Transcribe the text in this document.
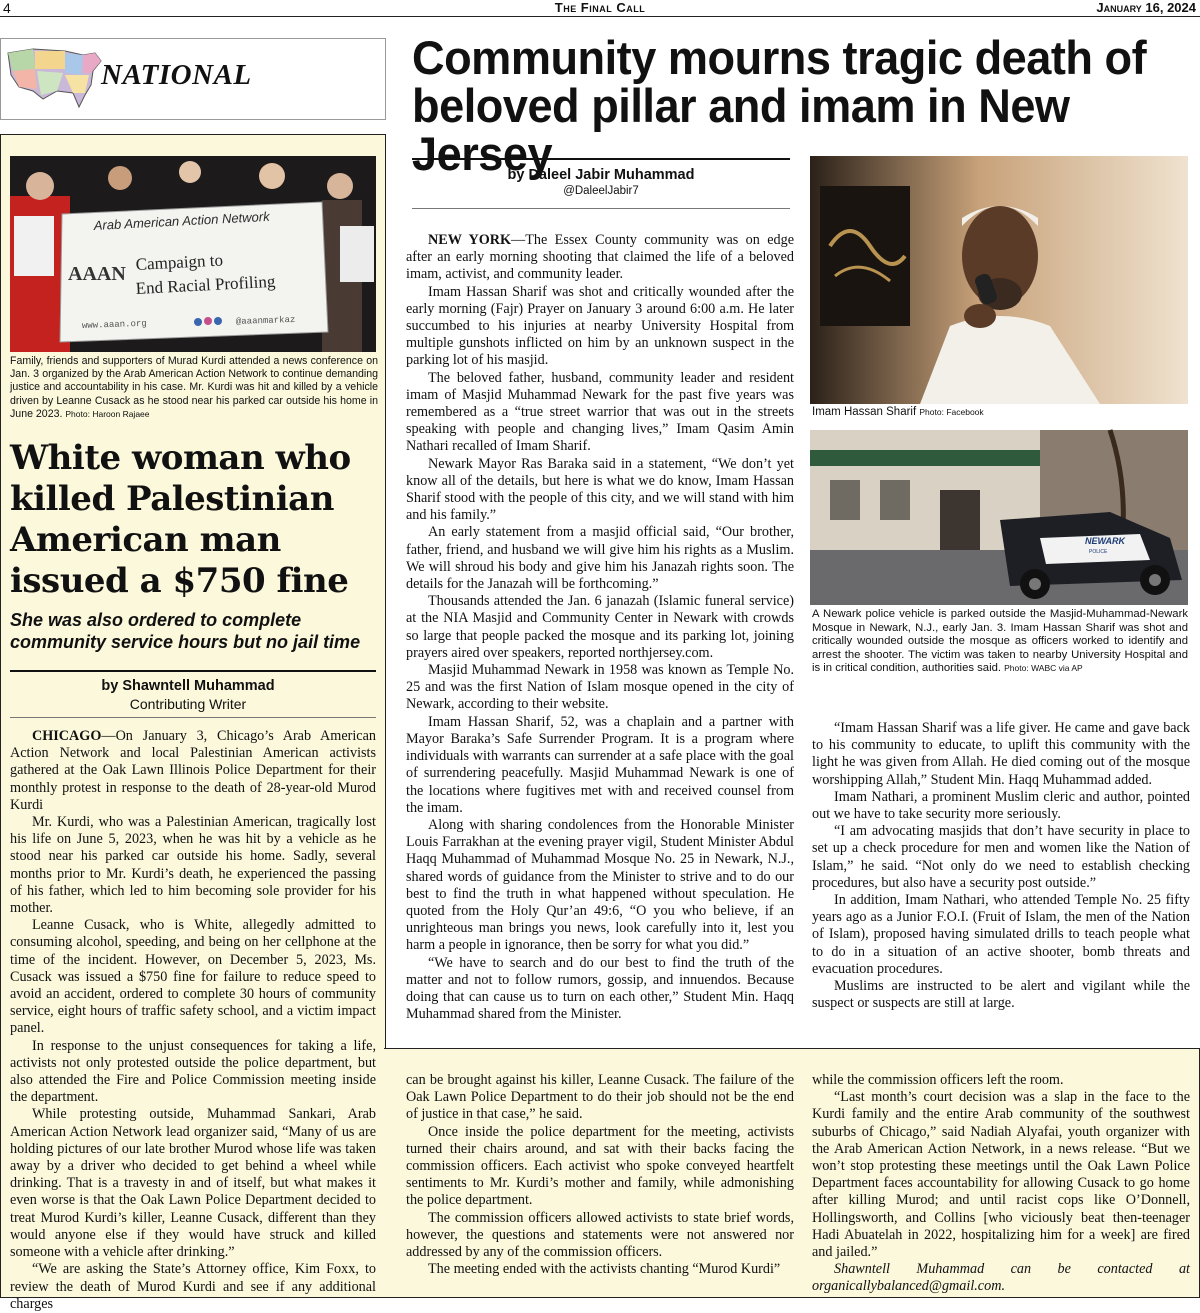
4	The Final Call	January 16, 2024
NATIONAL	Community mourns tragic death of
beloved pillar and imam in New Jersey
by Daleel Jabir Muhammad
@DaleelJabir7

NEW YORK—The Essex County community was on edge after an early morning shooting that claimed the life of a beloved imam, activist, and community leader.

Imam Hassan Sharif was shot and critically wounded after the early morning (Fajr) Prayer on January 3 around 6:00 a.m. He later succumbed to his injuries at nearby University Hospital from multiple gunshots inflicted on him by an unknown suspect in the parking lot of his masjid.

The beloved father, husband, community leader and resident imam of Masjid Muhammad Newark for the past five years was remembered as a “true street warrior that was out in the streets speaking with people and changing lives,” Imam Qasim Amin Nathari recalled of Imam Sharif.

Newark Mayor Ras Baraka said in a statement, “We don’t yet know all of the details, but here is what we do know, Imam Hassan Sharif stood with the people of this city, and we will stand with him and his family.”

An early statement from a masjid official said, “Our brother, father, friend, and husband we will give him his rights as a Muslim. We will shroud his body and give him his Janazah rights soon. The details for the Janazah will be forthcoming.”

Thousands attended the Jan. 6 janazah (Islamic funeral service) at the NIA Masjid and Community Center in Newark with crowds so large that people packed the mosque and its parking lot, joining prayers aired over speakers, reported northjersey.com.

Masjid Muhammad Newark in 1958 was known as Temple No. 25 and was the first Nation of Islam mosque opened in the city of Newark, according to their website.

Imam Hassan Sharif, 52, was a chaplain and a partner with Mayor Baraka’s Safe Surrender Program. It is a program where individuals with warrants can surrender at a safe place with the goal of surrendering peacefully. Masjid Muhammad Newark is one of the locations where fugitives met with and received counsel from the imam.

Along with sharing condolences from the Honorable Minister Louis Farrakhan at the evening prayer vigil, Student Minister Abdul Haqq Muhammad of Muhammad Mosque No. 25 in Newark, N.J., shared words of guidance from the Minister to strive and to do our best to find the truth in what happened without speculation. He quoted from the Holy Qur’an 49:6, “O you who believe, if an unrighteous man brings you news, look carefully into it, lest you harm a people in ignorance, then be sorry for what you did.”

“We have to search and do our best to find the truth of the matter and not to follow rumors, gossip, and innuendos. Because doing that can cause us to turn on each other,” Student Min. Haqq Muhammad shared from the Minister.

Imam Hassan Sharif Photo: Facebook
NEWARK
POLICE
A Newark police vehicle is parked outside the Masjid-Muhammad-Newark Mosque in Newark, N.J., early Jan. 3. Imam Hassan Sharif was shot and critically wounded outside the mosque as officers worked to identify and arrest the shooter. The victim was taken to nearby University Hospital and is in critical condition, authorities said. Photo: WABC via AP

“Imam Hassan Sharif was a life giver. He came and gave back to his community to educate, to uplift this community with the light he was given from Allah. He died coming out of the mosque worshipping Allah,” Student Min. Haqq Muhammad added.

Imam Nathari, a prominent Muslim cleric and author, pointed out we have to take security more seriously.

“I am advocating masjids that don’t have security in place to set up a check procedure for men and women like the Nation of Islam,” he said. “Not only do we need to establish checking procedures, but also have a security post outside.”

In addition, Imam Nathari, who attended Temple No. 25 fifty years ago as a Junior F.O.I. (Fruit of Islam, the men of the Nation of Islam), proposed having simulated drills to teach people what to do in a situation of an active shooter, bomb threats and evacuation procedures.

Muslims are instructed to be alert and vigilant while the suspect or suspects are still at large.

Arab American Action Network
AAAN
Campaign to
End Racial Profiling
www.aaan.org	@aaanmarkaz
Family, friends and supporters of Murad Kurdi attended a news conference on Jan. 3 organized by the Arab American Action Network to continue demanding justice and accountability in his case. Mr. Kurdi was hit and killed by a vehicle driven by Leanne Cusack as he stood near his parked car outside his home in June 2023. Photo: Haroon Rajaee
White woman who killed Palestinian American man issued a $750 fine
She was also ordered to complete community service hours but no jail time
by Shawntell Muhammad
Contributing Writer

CHICAGO—On January 3, Chicago’s Arab American Action Network and local Palestinian American activists gathered at the Oak Lawn Illinois Police Department for their monthly protest in response to the death of 28-year-old Murod Kurdi

Mr. Kurdi, who was a Palestinian American, tragically lost his life on June 5, 2023, when he was hit by a vehicle as he stood near his parked car outside his home. Sadly, several months prior to Mr. Kurdi’s death, he experienced the passing of his father, which led to him becoming sole provider for his mother.

Leanne Cusack, who is White, allegedly admitted to consuming alcohol, speeding, and being on her cellphone at the time of the incident. However, on December 5, 2023, Ms. Cusack was issued a $750 fine for failure to reduce speed to avoid an accident, ordered to complete 30 hours of community service, eight hours of traffic safety school, and a victim impact panel.

In response to the unjust consequences for taking a life, activists not only protested outside the police department, but also attended the Fire and Police Commission meeting inside the department.

While protesting outside, Muhammad Sankari, Arab American Action Network lead organizer said, “Many of us are holding pictures of our late brother Murod whose life was taken away by a driver who decided to get behind a wheel while drinking. That is a travesty in and of itself, but what makes it even worse is that the Oak Lawn Police Department decided to treat Murod Kurdi’s killer, Leanne Cusack, different than they would anyone else if they would have struck and killed someone with a vehicle after drinking.”

“We are asking the State’s Attorney office, Kim Foxx, to review the death of Murod Kurdi and see if any additional charges

can be brought against his killer, Leanne Cusack. The failure of the Oak Lawn Police Department to do their job should not be the end of justice in that case,” he said.

Once inside the police department for the meeting, activists turned their chairs around, and sat with their backs facing the commission officers. Each activist who spoke conveyed heartfelt sentiments to Mr. Kurdi’s mother and family, while admonishing the police department.

The commission officers allowed activists to state brief words, however, the questions and statements were not answered nor addressed by any of the commission officers.

The meeting ended with the activists chanting “Murod Kurdi”

while the commission officers left the room.

“Last month’s court decision was a slap in the face to the Kurdi family and the entire Arab community of the southwest suburbs of Chicago,” said Nadiah Alyafai, youth organizer with the Arab American Action Network, in a news release. “But we won’t stop protesting these meetings until the Oak Lawn Police Department faces accountability for allowing Cusack to go home after killing Murod; and until racist cops like O’Donnell, Hollingsworth, and Collins [who viciously beat then-teenager Hadi Abuatelah in 2022, hospitalizing him for a week] are fired and jailed.”

Shawntell Muhammad can be contacted at organicallybalanced@gmail.com.
